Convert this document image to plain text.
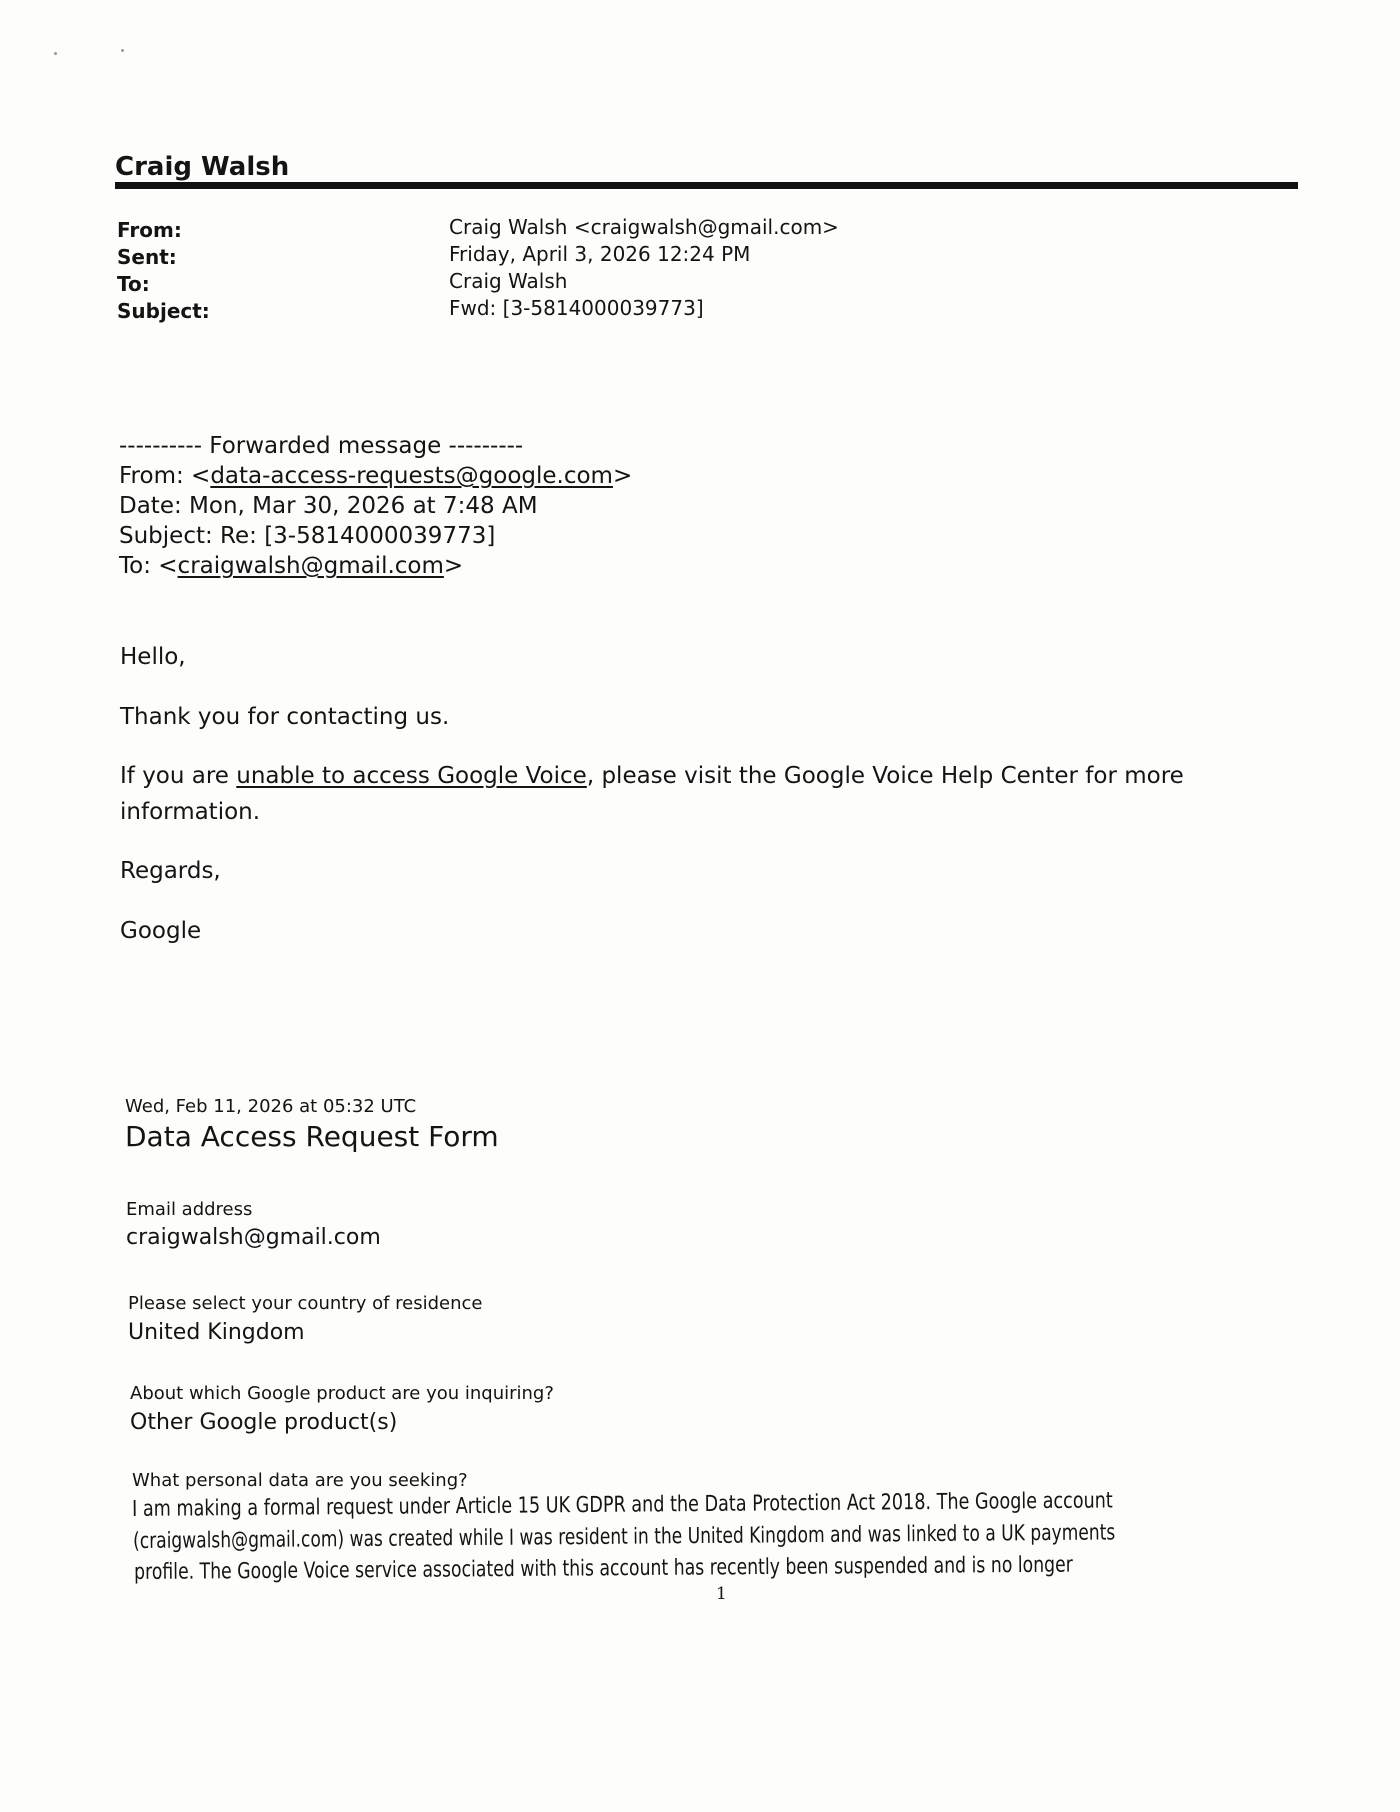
Craig Walsh
From:	Craig Walsh <craigwalsh@gmail.com>
Sent:	Friday, April 3, 2026 12:24 PM
To:	Craig Walsh
Subject:	Fwd: [3-5814000039773]
---------- Forwarded message ---------
From: <data-access-requests@google.com>
Date: Mon, Mar 30, 2026 at 7:48 AM
Subject: Re: [3-5814000039773]
To: <craigwalsh@gmail.com>
Hello,
Thank you for contacting us.
If you are unable to access Google Voice, please visit the Google Voice Help Center for more
information.
Regards,
Google
Wed, Feb 11, 2026 at 05:32 UTC
Data Access Request Form
Email address
craigwalsh@gmail.com
Please select your country of residence
United Kingdom
About which Google product are you inquiring?
Other Google product(s)
What personal data are you seeking?
I am making a formal request under Article 15 UK GDPR and the Data Protection Act 2018. The Google account
(craigwalsh@gmail.com) was created while I was resident in the United Kingdom and was linked to a UK payments
profile. The Google Voice service associated with this account has recently been suspended and is no longer
1
